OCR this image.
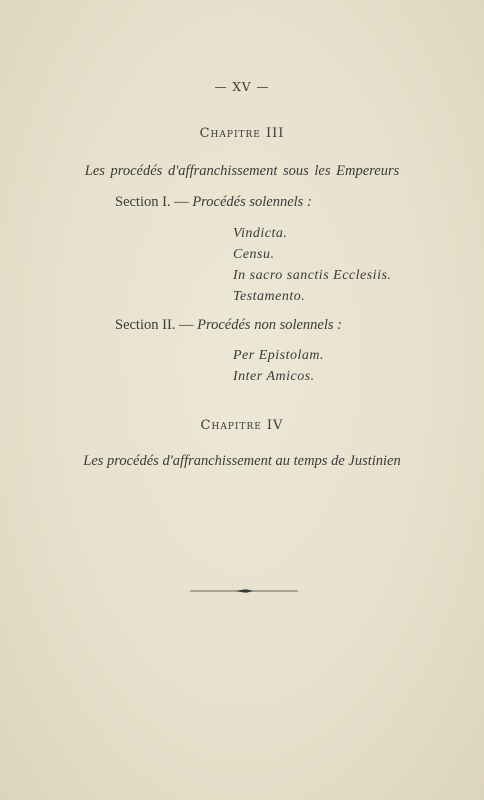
— XV —
Chapitre III
Les procédés d'affranchissement sous les Empereurs
Section I. — Procédés solennels :
Vindicta.
Censu.
In sacro sanctis Ecclesiis.
Testamento.
Section II. — Procédés non solennels :
Per Epistolam.
Inter Amicos.
Chapitre IV
Les procédés d'affranchissement au temps de Justinien
